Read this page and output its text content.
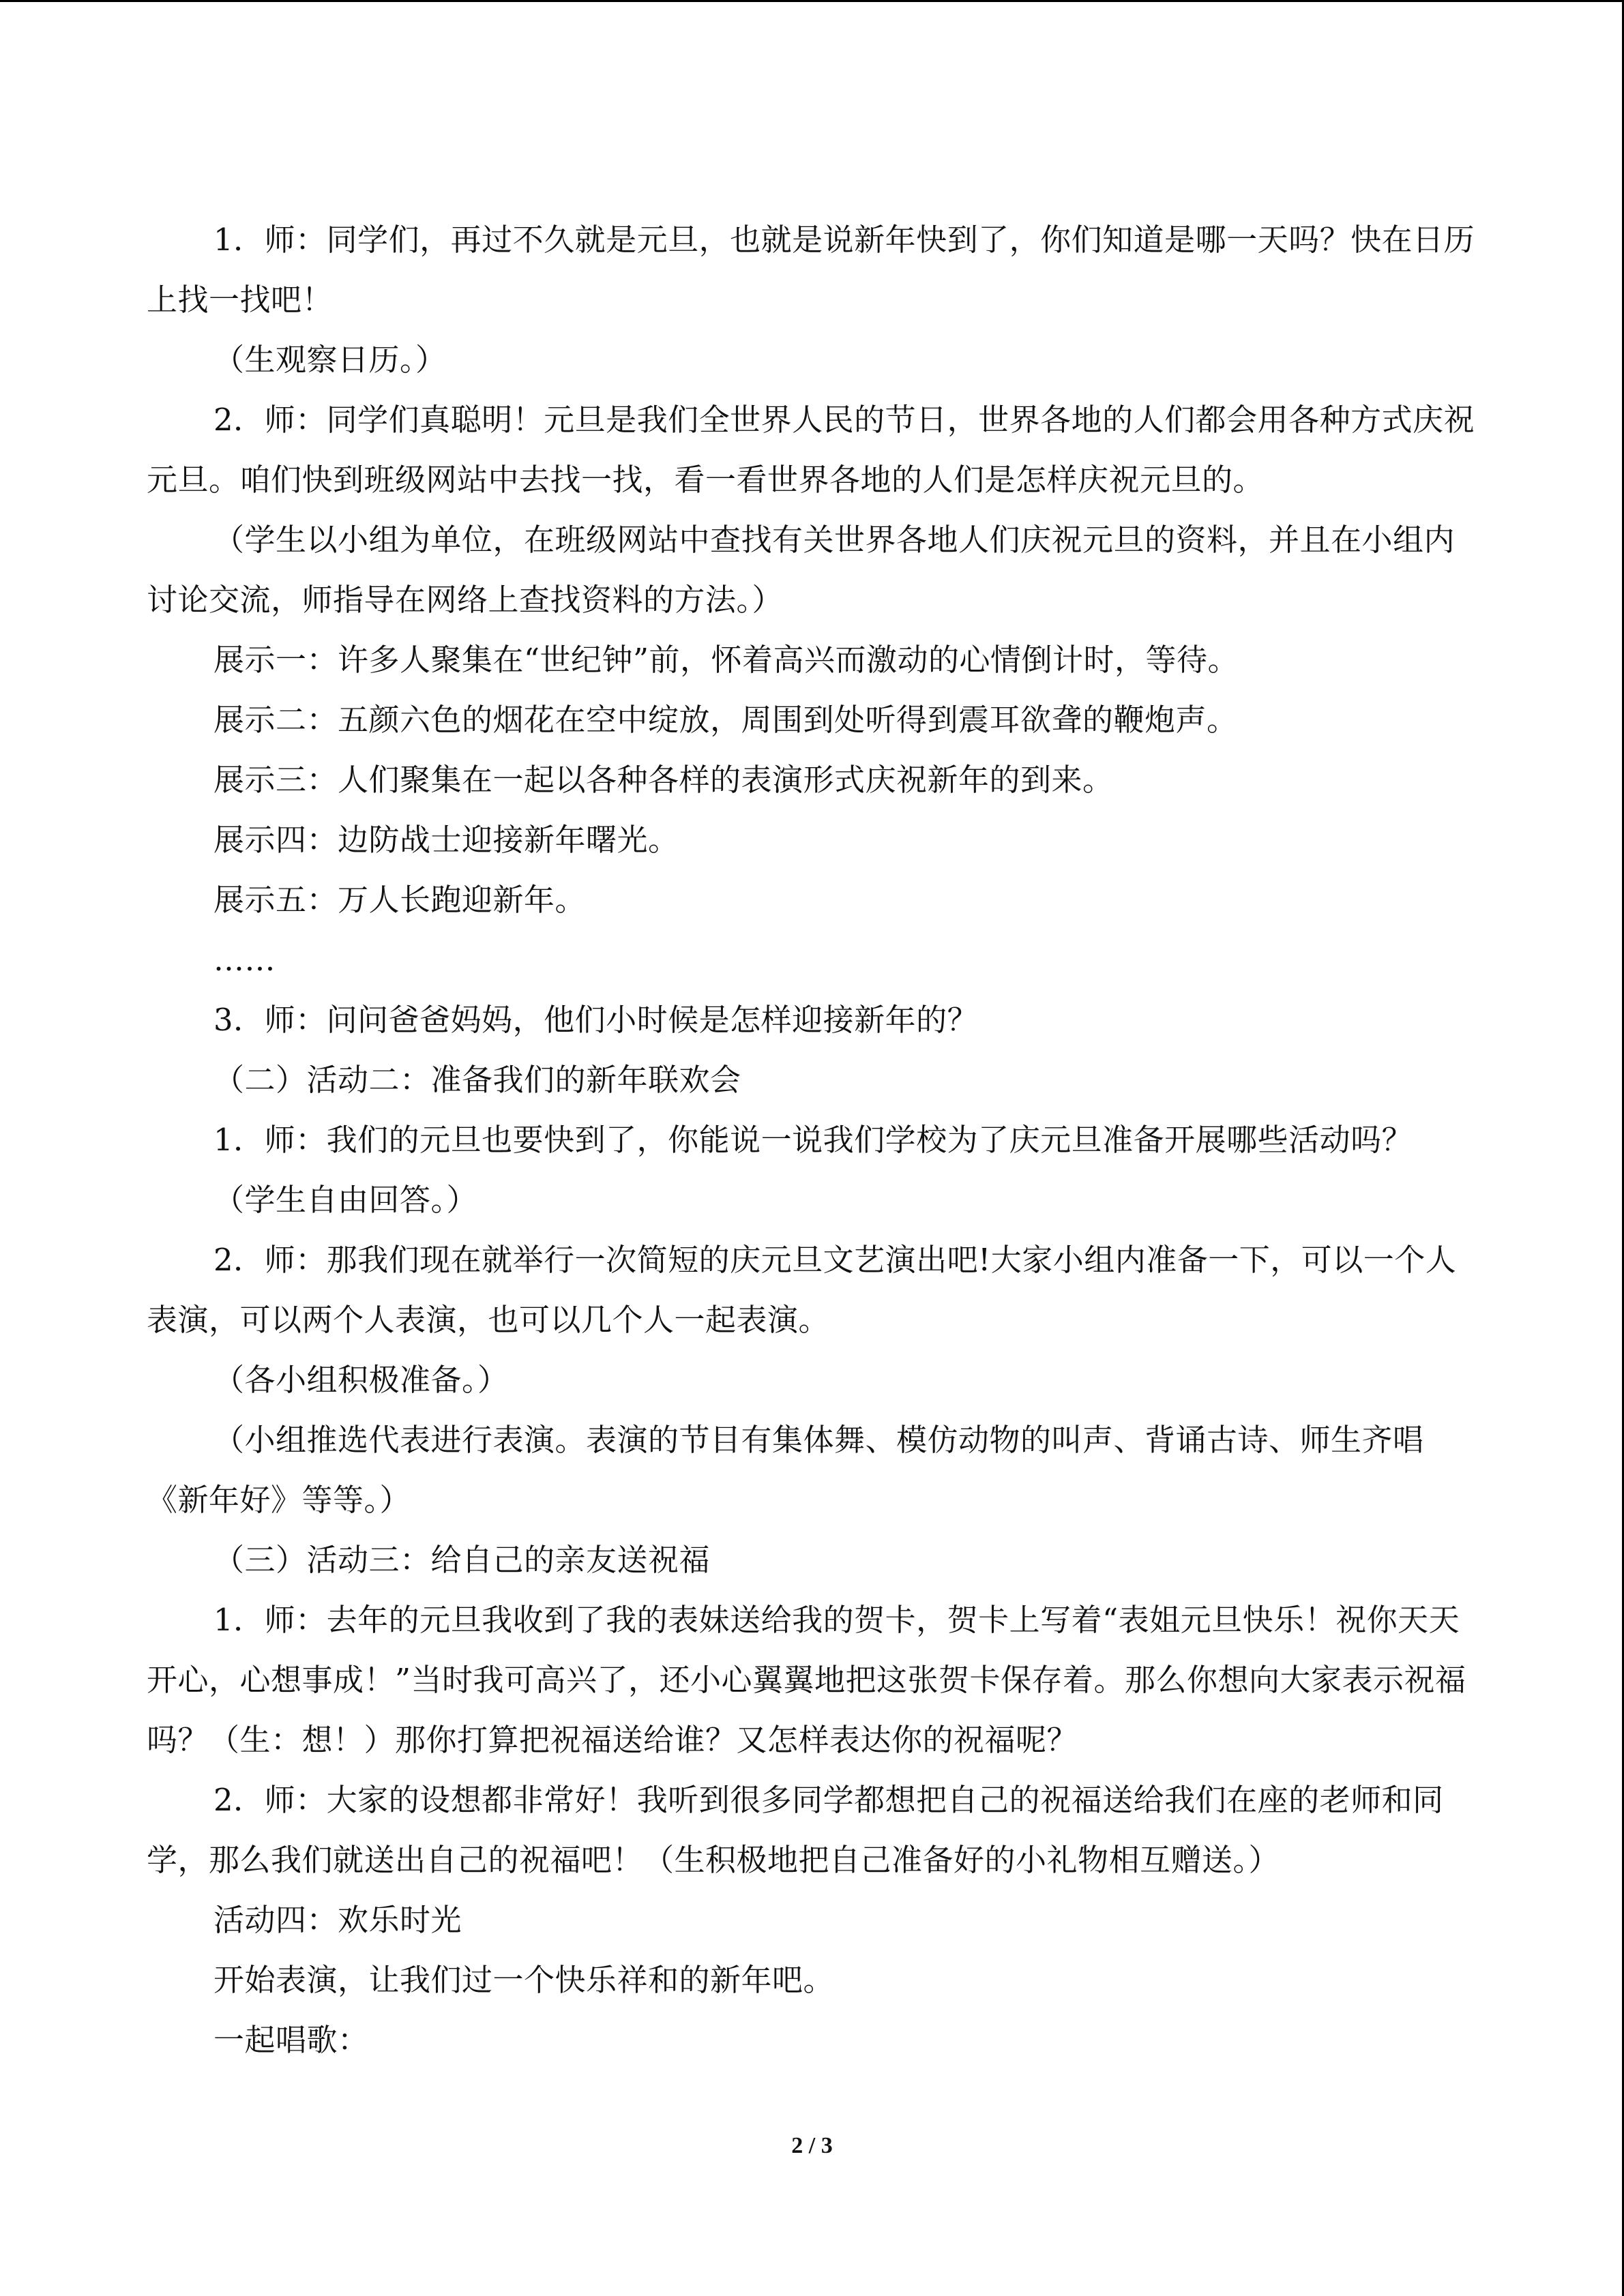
1．师：同学们，再过不久就是元旦，也就是说新年快到了，你们知道是哪一天吗？快在日历上找一找吧！

（生观察日历。）

2．师：同学们真聪明！元旦是我们全世界人民的节日，世界各地的人们都会用各种方式庆祝元旦。咱们快到班级网站中去找一找，看一看世界各地的人们是怎样庆祝元旦的。

（学生以小组为单位，在班级网站中查找有关世界各地人们庆祝元旦的资料，并且在小组内讨论交流，师指导在网络上查找资料的方法。）

展示一：许多人聚集在“世纪钟”前，怀着高兴而激动的心情倒计时，等待。

展示二：五颜六色的烟花在空中绽放，周围到处听得到震耳欲聋的鞭炮声。

展示三：人们聚集在一起以各种各样的表演形式庆祝新年的到来。

展示四：边防战士迎接新年曙光。

展示五：万人长跑迎新年。

……

3．师：问问爸爸妈妈，他们小时候是怎样迎接新年的？

（二）活动二：准备我们的新年联欢会

1．师：我们的元旦也要快到了，你能说一说我们学校为了庆元旦准备开展哪些活动吗？

（学生自由回答。）

2．师：那我们现在就举行一次简短的庆元旦文艺演出吧!大家小组内准备一下，可以一个人表演，可以两个人表演，也可以几个人一起表演。

（各小组积极准备。）

（小组推选代表进行表演。表演的节目有集体舞、模仿动物的叫声、背诵古诗、师生齐唱《新年好》等等。）

（三）活动三：给自己的亲友送祝福

1．师：去年的元旦我收到了我的表妹送给我的贺卡，贺卡上写着“表姐元旦快乐！祝你天天开心，心想事成！”当时我可高兴了，还小心翼翼地把这张贺卡保存着。那么你想向大家表示祝福吗？（生：想！）那你打算把祝福送给谁？又怎样表达你的祝福呢？

2．师：大家的设想都非常好！我听到很多同学都想把自己的祝福送给我们在座的老师和同学，那么我们就送出自己的祝福吧！（生积极地把自己准备好的小礼物相互赠送。）

活动四：欢乐时光

开始表演，让我们过一个快乐祥和的新年吧。

一起唱歌：

2 / 3
